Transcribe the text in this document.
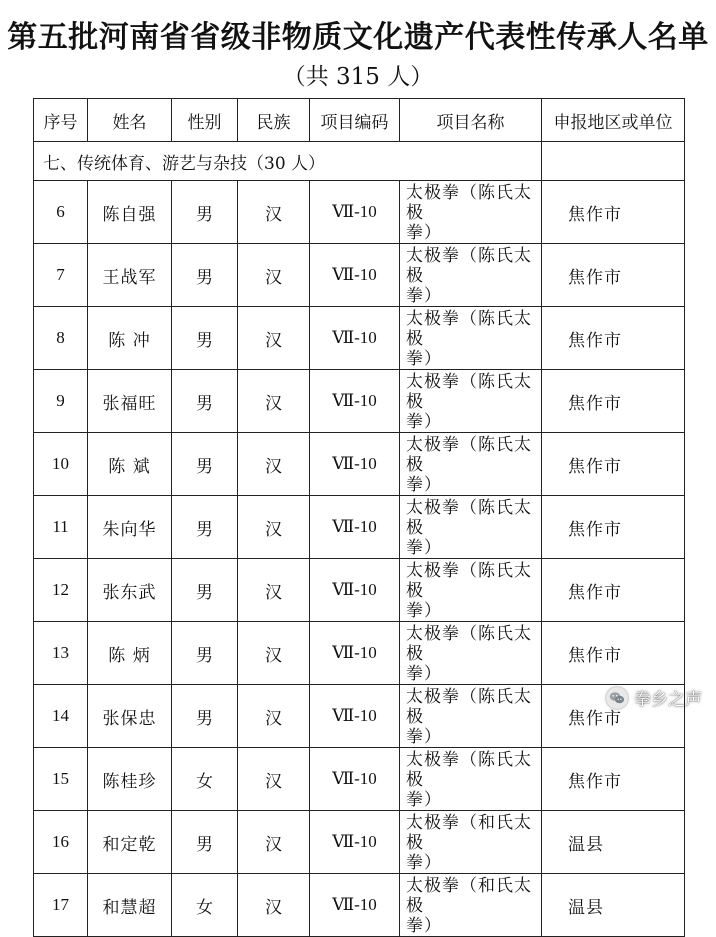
第五批河南省省级非物质文化遗产代表性传承人名单
（共 315 人）
序号	姓名	性别	民族	项目编码	项目名称	申报地区或单位
七、传统体育、游艺与杂技（30 人）						
6	陈自强	男	汉	Ⅶ-10	太极拳（陈氏太极
拳）	焦作市
7	王战军	男	汉	Ⅶ-10	太极拳（陈氏太极
拳）	焦作市
8	陈 冲	男	汉	Ⅶ-10	太极拳（陈氏太极
拳）	焦作市
9	张福旺	男	汉	Ⅶ-10	太极拳（陈氏太极
拳）	焦作市
10	陈 斌	男	汉	Ⅶ-10	太极拳（陈氏太极
拳）	焦作市
11	朱向华	男	汉	Ⅶ-10	太极拳（陈氏太极
拳）	焦作市
12	张东武	男	汉	Ⅶ-10	太极拳（陈氏太极
拳）	焦作市
13	陈 炳	男	汉	Ⅶ-10	太极拳（陈氏太极
拳）	焦作市
14	张保忠	男	汉	Ⅶ-10	太极拳（陈氏太极
拳）	焦作市
15	陈桂珍	女	汉	Ⅶ-10	太极拳（陈氏太极
拳）	焦作市
16	和定乾	男	汉	Ⅶ-10	太极拳（和氏太极
拳）	温县
17	和慧超	女	汉	Ⅶ-10	太极拳（和氏太极
拳）	温县
拳乡之声
